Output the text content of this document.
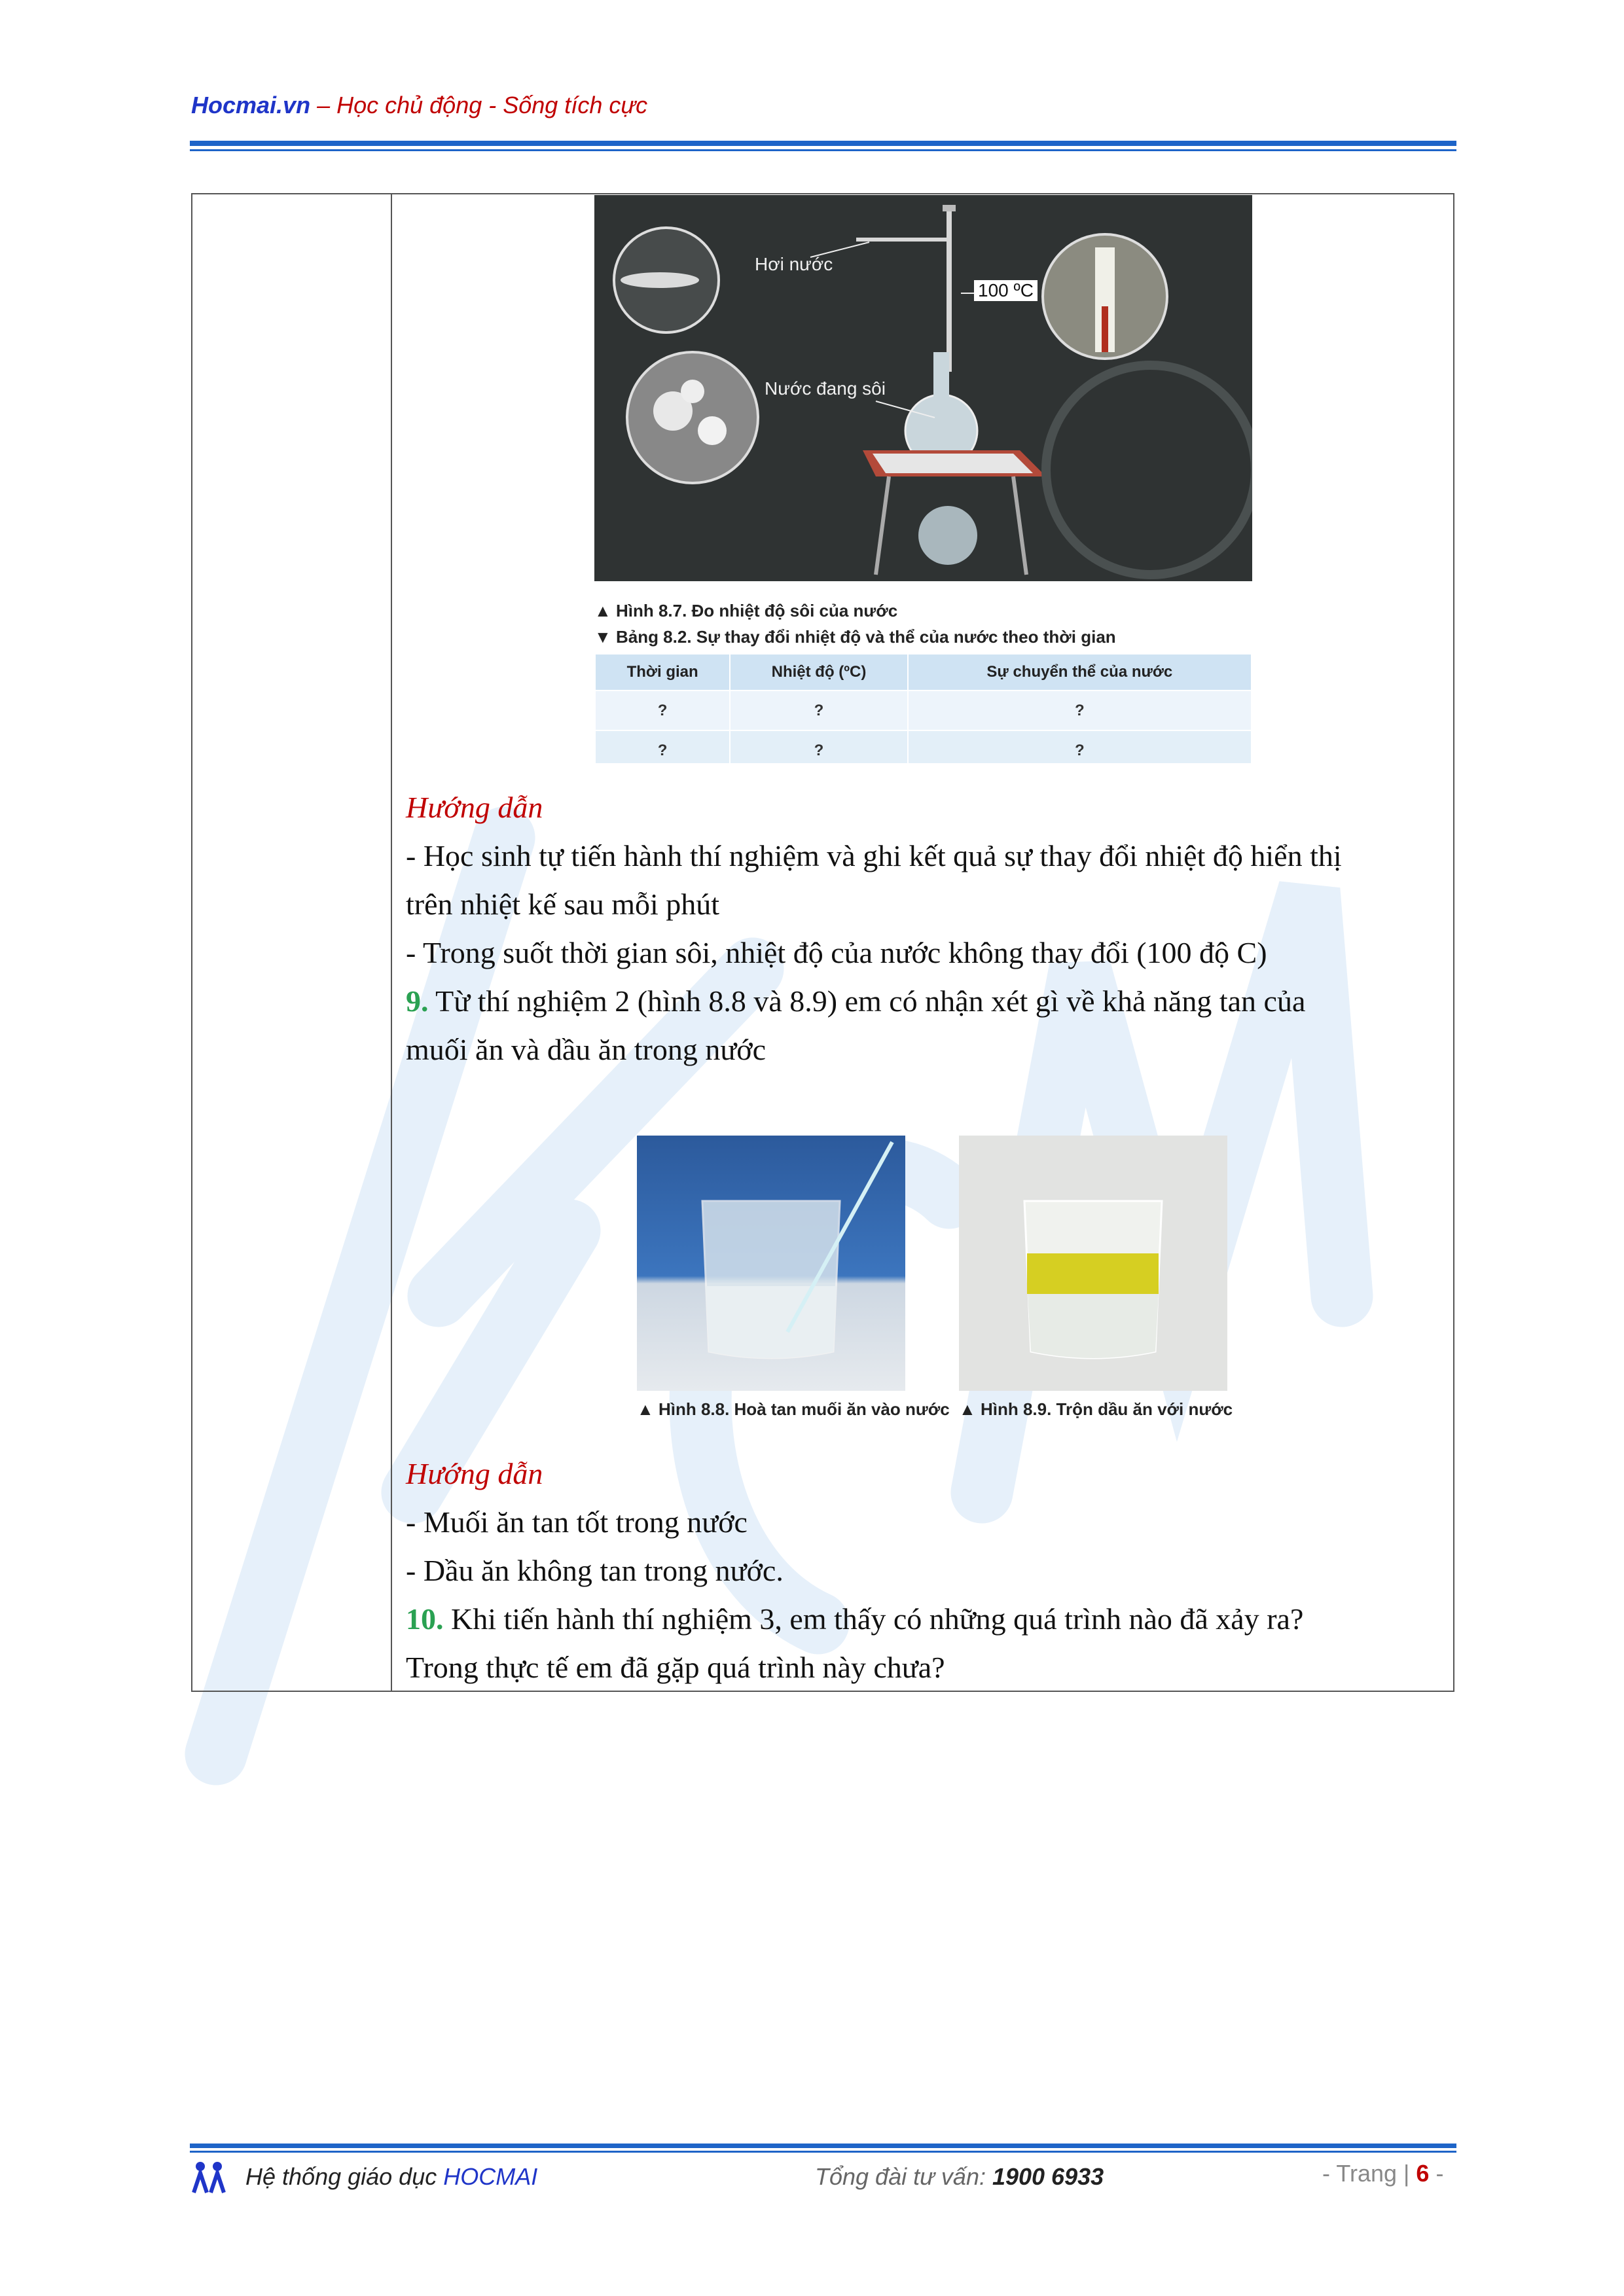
Hocmai.vn – Học chủ động - Sống tích cực
Hơi nước
100 ºC
Nước đang sôi
▲ Hình 8.7. Đo nhiệt độ sôi của nước
▼ Bảng 8.2. Sự thay đổi nhiệt độ và thể của nước theo thời gian
Thời gian	Nhiệt độ (ºC)	Sự chuyển thể của nước
?	?	?
?	?	?
Hướng dẫn
- Học sinh tự tiến hành thí nghiệm và ghi kết quả sự thay đổi nhiệt độ hiển thị
trên nhiệt kế sau mỗi phút
- Trong suốt thời gian sôi, nhiệt độ của nước không thay đổi (100 độ C)
9. Từ thí nghiệm 2 (hình 8.8 và 8.9) em có nhận xét gì về khả năng tan của
muối ăn và dầu ăn trong nước
▲ Hình 8.8. Hoà tan muối ăn vào nước ▲ Hình 8.9. Trộn dầu ăn với nước
Hướng dẫn
- Muối ăn tan tốt trong nước
- Dầu ăn không tan trong nước.
10. Khi tiến hành thí nghiệm 3, em thấy có những quá trình nào đã xảy ra?
Trong thực tế em đã gặp quá trình này chưa?
Hệ thống giáo dục HOCMAI	Tổng đài tư vấn: 1900 6933	- Trang | 6 -
